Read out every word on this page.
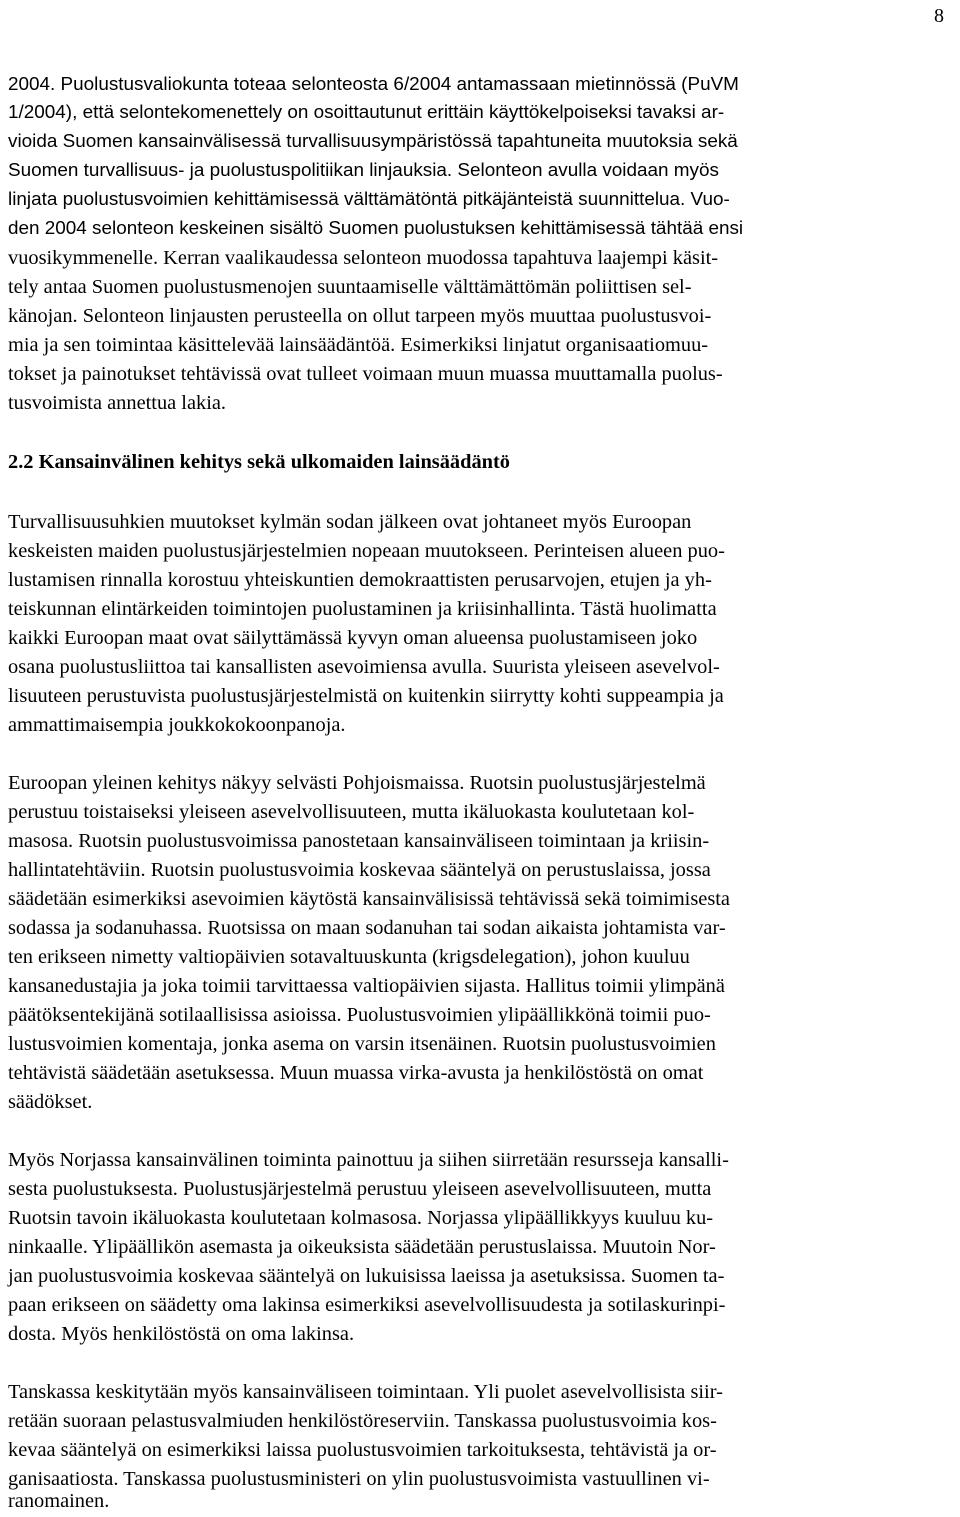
8
2004. Puolustusvaliokunta toteaa selonteosta 6/2004 antamassaan mietinnössä (PuVM
1/2004), että selontekomenettely on osoittautunut erittäin käyttökelpoiseksi tavaksi ar-
vioida Suomen kansainvälisessä turvallisuusympäristössä tapahtuneita muutoksia sekä
Suomen turvallisuus- ja puolustuspolitiikan linjauksia. Selonteon avulla voidaan myös
linjata puolustusvoimien kehittämisessä välttämätöntä pitkäjänteistä suunnittelua. Vuo-
den 2004 selonteon keskeinen sisältö Suomen puolustuksen kehittämisessä tähtää ensi
vuosikymmenelle. Kerran vaalikaudessa selonteon muodossa tapahtuva laajempi käsit-
tely antaa Suomen puolustusmenojen suuntaamiselle välttämättömän poliittisen sel-
känojan. Selonteon linjausten perusteella on ollut tarpeen myös muuttaa puolustusvoi-
mia ja sen toimintaa käsittelevää lainsäädäntöä. Esimerkiksi linjatut organisaatiomuu-
tokset ja painotukset tehtävissä ovat tulleet voimaan muun muassa muuttamalla puolus-
tusvoimista annettua lakia.
2.2 Kansainvälinen kehitys sekä ulkomaiden lainsäädäntö
Turvallisuusuhkien muutokset kylmän sodan jälkeen ovat johtaneet myös Euroopan
keskeisten maiden puolustusjärjestelmien nopeaan muutokseen. Perinteisen alueen puo-
lustamisen rinnalla korostuu yhteiskuntien demokraattisten perusarvojen, etujen ja yh-
teiskunnan elintärkeiden toimintojen puolustaminen ja kriisinhallinta. Tästä huolimatta
kaikki Euroopan maat ovat säilyttämässä kyvyn oman alueensa puolustamiseen joko
osana puolustusliittoa tai kansallisten asevoimiensa avulla. Suurista yleiseen asevelvol-
lisuuteen perustuvista puolustusjärjestelmistä on kuitenkin siirrytty kohti suppeampia ja
ammattimaisempia joukkokokoonpanoja.
Euroopan yleinen kehitys näkyy selvästi Pohjoismaissa. Ruotsin puolustusjärjestelmä
perustuu toistaiseksi yleiseen asevelvollisuuteen, mutta ikäluokasta koulutetaan kol-
masosa. Ruotsin puolustusvoimissa panostetaan kansainväliseen toimintaan ja kriisin-
hallintatehtäviin. Ruotsin puolustusvoimia koskevaa sääntelyä on perustuslaissa, jossa
säädetään esimerkiksi asevoimien käytöstä kansainvälisissä tehtävissä sekä toimimisesta
sodassa ja sodanuhassa. Ruotsissa on maan sodanuhan tai sodan aikaista johtamista var-
ten erikseen nimetty valtiopäivien sotavaltuuskunta (krigsdelegation), johon kuuluu
kansanedustajia ja joka toimii tarvittaessa valtiopäivien sijasta. Hallitus toimii ylimpänä
päätöksentekijänä sotilaallisissa asioissa. Puolustusvoimien ylipäällikkönä toimii puo-
lustusvoimien komentaja, jonka asema on varsin itsenäinen. Ruotsin puolustusvoimien
tehtävistä säädetään asetuksessa. Muun muassa virka-avusta ja henkilöstöstä on omat
säädökset.
Myös Norjassa kansainvälinen toiminta painottuu ja siihen siirretään resursseja kansalli-
sesta puolustuksesta. Puolustusjärjestelmä perustuu yleiseen asevelvollisuuteen, mutta
Ruotsin tavoin ikäluokasta koulutetaan kolmasosa. Norjassa ylipäällikkyys kuuluu ku-
ninkaalle. Ylipäällikön asemasta ja oikeuksista säädetään perustuslaissa. Muutoin Nor-
jan puolustusvoimia koskevaa sääntelyä on lukuisissa laeissa ja asetuksissa. Suomen ta-
paan erikseen on säädetty oma lakinsa esimerkiksi asevelvollisuudesta ja sotilaskurinpi-
dosta. Myös henkilöstöstä on oma lakinsa.
Tanskassa keskitytään myös kansainväliseen toimintaan. Yli puolet asevelvollisista siir-
retään suoraan pelastusvalmiuden henkilöstöreserviin. Tanskassa puolustusvoimia kos-
kevaa sääntelyä on esimerkiksi laissa puolustusvoimien tarkoituksesta, tehtävistä ja or-
ganisaatiosta. Tanskassa puolustusministeri on ylin puolustusvoimista vastuullinen vi-
ranomainen.
